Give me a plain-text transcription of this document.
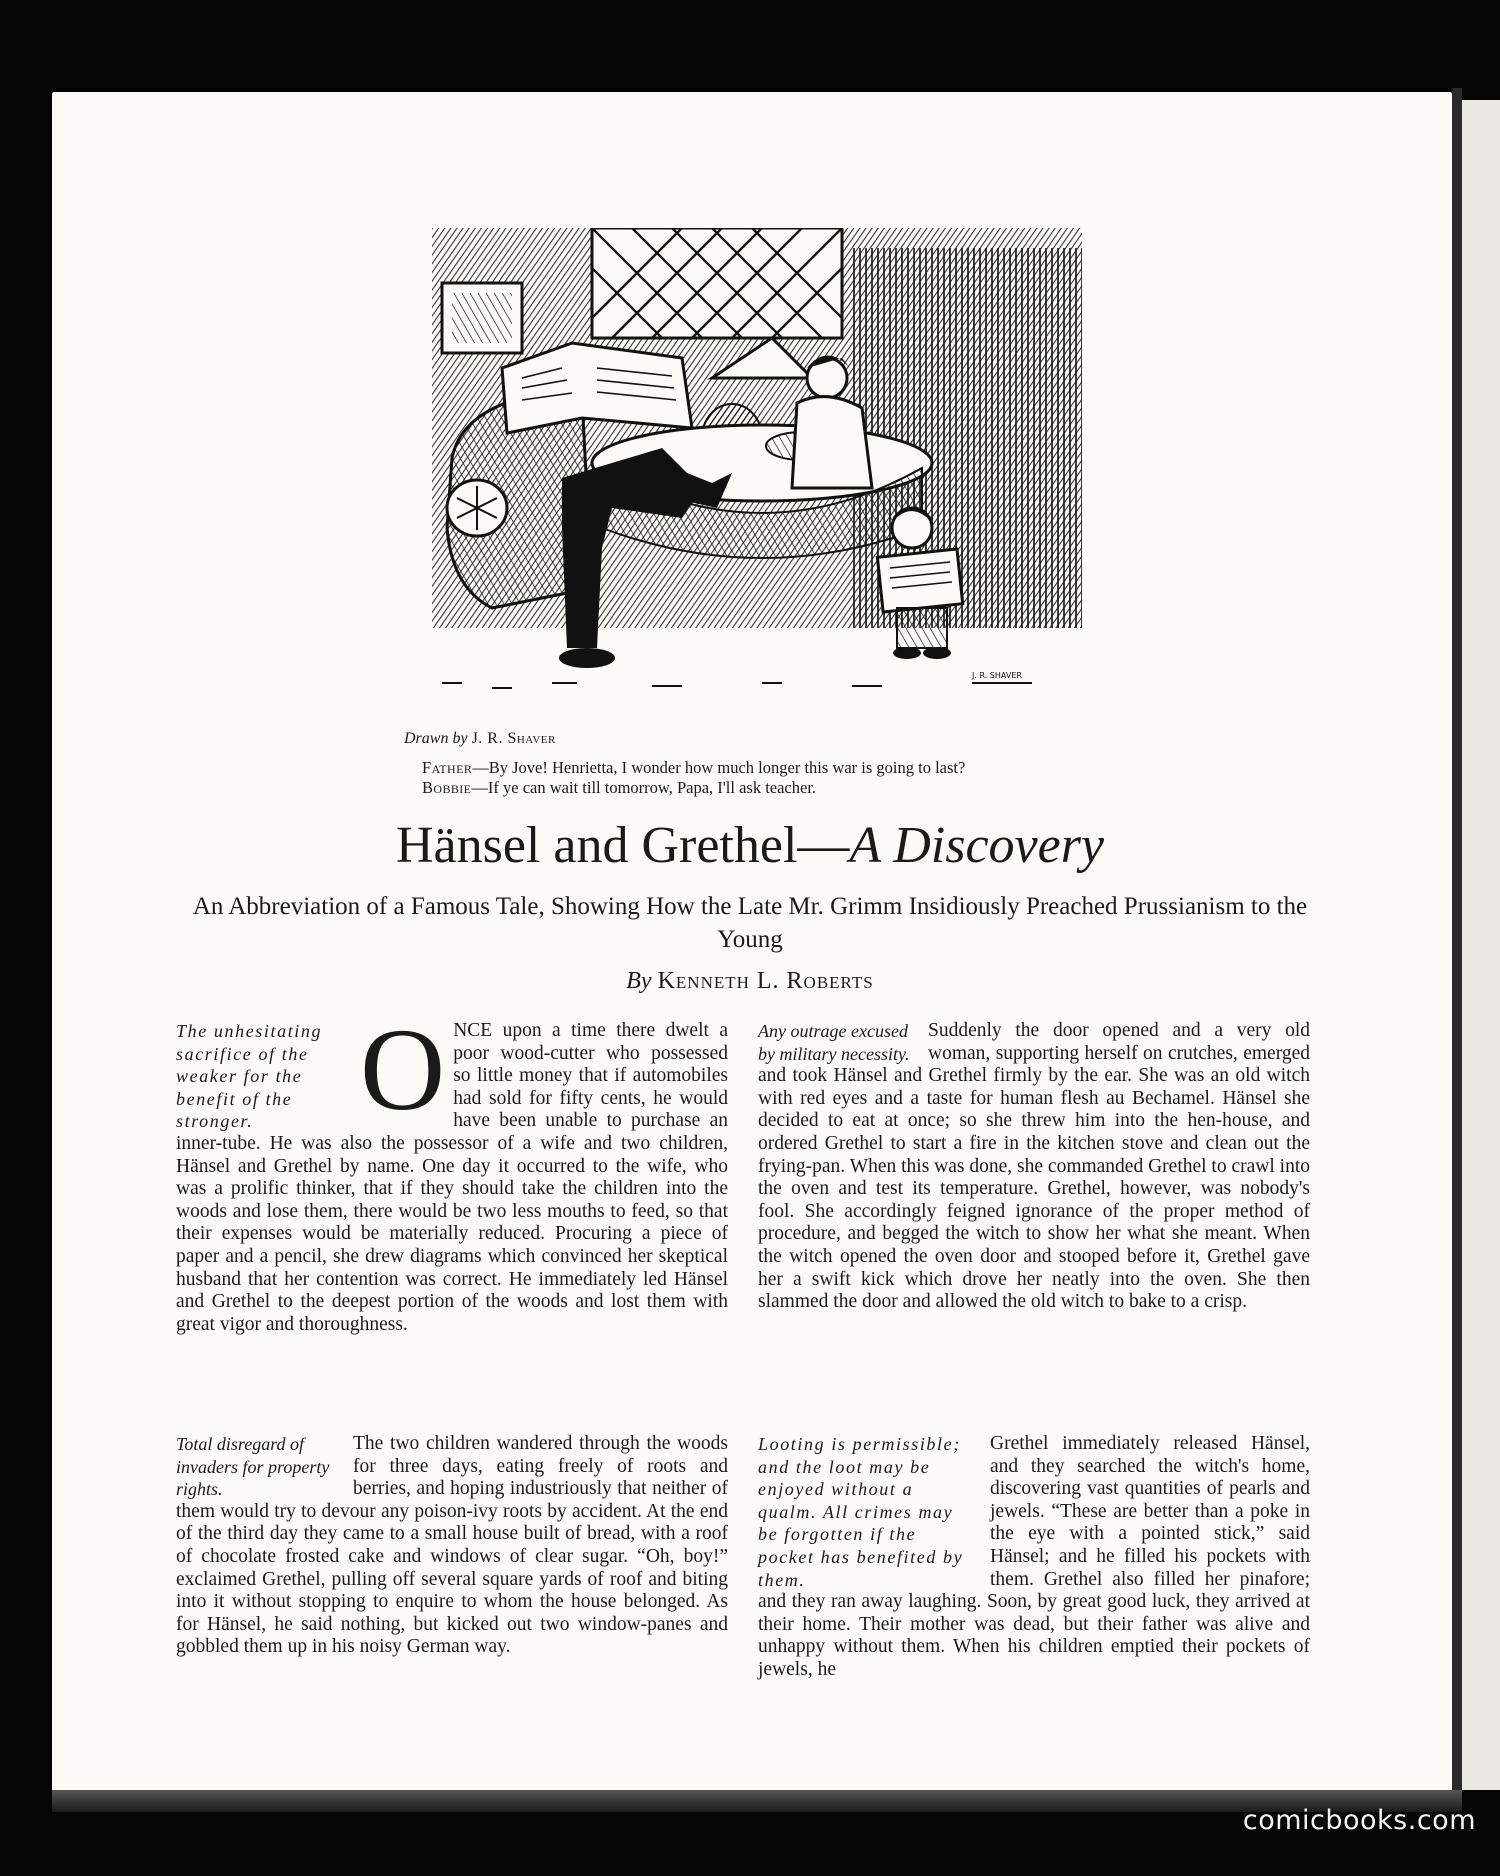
J. R. SHAVER
Drawn by J. R. Shaver
Father—By Jove! Henrietta, I wonder how much longer this war is going to last?
Bobbie—If ye can wait till tomorrow, Papa, I'll ask teacher.
Hänsel and Grethel—A Discovery
An Abbreviation of a Famous Tale, Showing How the Late Mr. Grimm Insidiously Preached Prussianism to the Young
By Kenneth L. Roberts
The unhesitating sacrifice of the weaker for the benefit of the stronger. O NCE upon a time there dwelt a poor wood-cutter who possessed so little money that if automobiles had sold for fifty cents, he would have been unable to purchase an inner-tube. He was also the possessor of a wife and two children, Hänsel and Grethel by name. One day it occurred to the wife, who was a prolific thinker, that if they should take the children into the woods and lose them, there would be two less mouths to feed, so that their expenses would be materially reduced. Procuring a piece of paper and a pencil, she drew diagrams which convinced her skeptical husband that her contention was correct. He immediately led Hänsel and Grethel to the deepest portion of the woods and lost them with great vigor and thoroughness.

Total disregard of invaders for property rights.

The two children wandered through the woods for three days, eating freely of roots and berries, and hoping industriously that neither of them would try to devour any poison-ivy roots by accident. At the end of the third day they came to a small house built of bread, with a roof of chocolate frosted cake and windows of clear sugar. “Oh, boy!” exclaimed Grethel, pulling off several square yards of roof and biting into it without stopping to enquire to whom the house belonged. As for Hänsel, he said nothing, but kicked out two window-panes and gobbled them up in his noisy German way.

Any outrage excused by military necessity.

Suddenly the door opened and a very old woman, supporting herself on crutches, emerged and took Hänsel and Grethel firmly by the ear. She was an old witch with red eyes and a taste for human flesh au Bechamel. Hänsel she decided to eat at once; so she threw him into the hen-house, and ordered Grethel to start a fire in the kitchen stove and clean out the frying-pan. When this was done, she commanded Grethel to crawl into the oven and test its temperature. Grethel, however, was nobody's fool. She accordingly feigned ignorance of the proper method of procedure, and begged the witch to show her what she meant. When the witch opened the oven door and stooped before it, Grethel gave her a swift kick which drove her neatly into the oven. She then slammed the door and allowed the old witch to bake to a crisp.

Looting is permissible; and the loot may be enjoyed without a qualm. All crimes may be forgotten if the pocket has benefited by them.

Grethel immediately released Hänsel, and they searched the witch's home, discovering vast quantities of pearls and jewels. “These are better than a poke in the eye with a pointed stick,” said Hänsel; and he filled his pockets with them. Grethel also filled her pinafore; and they ran away laughing. Soon, by great good luck, they arrived at their home. Their mother was dead, but their father was alive and unhappy without them. When his children emptied their pockets of jewels, he

comicbooks.com
